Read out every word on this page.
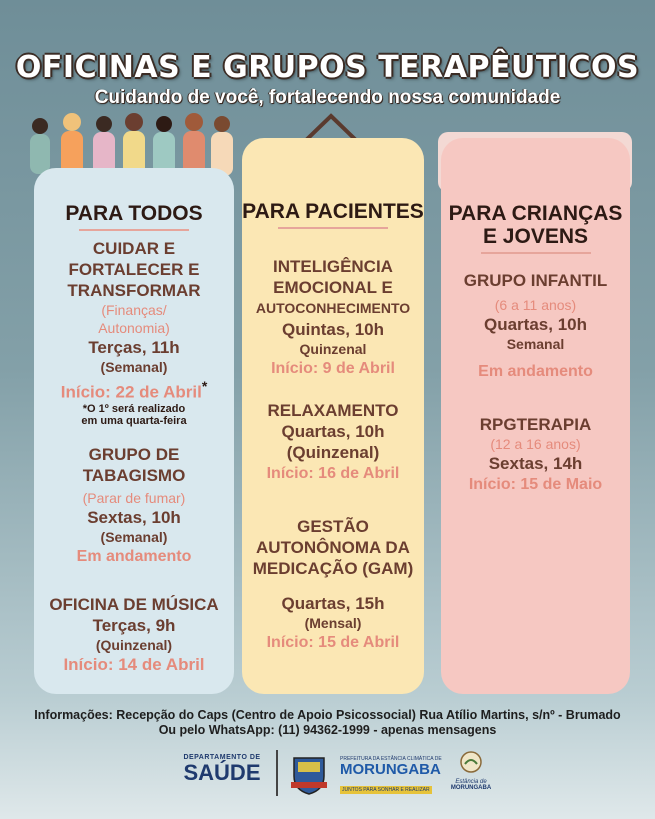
OFICINAS E GRUPOS TERAPÊUTICOS
Cuidando de você, fortalecendo nossa comunidade
PARA TODOS
CUIDAR E
FORTALECER E
TRANSFORMAR
(Finanças/
Autonomia)
Terças, 11h
(Semanal)
Início: 22 de Abril*
*O 1º será realizado
em uma quarta-feira
GRUPO DE
TABAGISMO
(Parar de fumar)
Sextas, 10h
(Semanal)
Em andamento
OFICINA DE MÚSICA
Terças, 9h
(Quinzenal)
Início: 14 de Abril
PARA PACIENTES
INTELIGÊNCIA
EMOCIONAL E
AUTOCONHECIMENTO
Quintas, 10h
Quinzenal
Início: 9 de Abril
RELAXAMENTO
Quartas, 10h
(Quinzenal)
Início: 16 de Abril
GESTÃO
AUTONÔNOMA DA
MEDICAÇÃO (GAM)
Quartas, 15h
(Mensal)
Início: 15 de Abril
PARA CRIANÇAS
E JOVENS
GRUPO INFANTIL
(6 a 11 anos)
Quartas, 10h
Semanal
Em andamento
RPGTERAPIA
(12 a 16 anos)
Sextas, 14h
Início: 15 de Maio
Informações: Recepção do Caps (Centro de Apoio Psicossocial) Rua Atílio Martins, s/nº - Brumado
Ou pelo WhatsApp: (11) 94362-1999 - apenas mensagens
DEPARTAMENTO DE
SAÚDE
PREFEITURA DA ESTÂNCIA CLIMÁTICA DE
MORUNGABA
JUNTOS PARA SONHAR E REALIZAR
Estância de
MORUNGABA
